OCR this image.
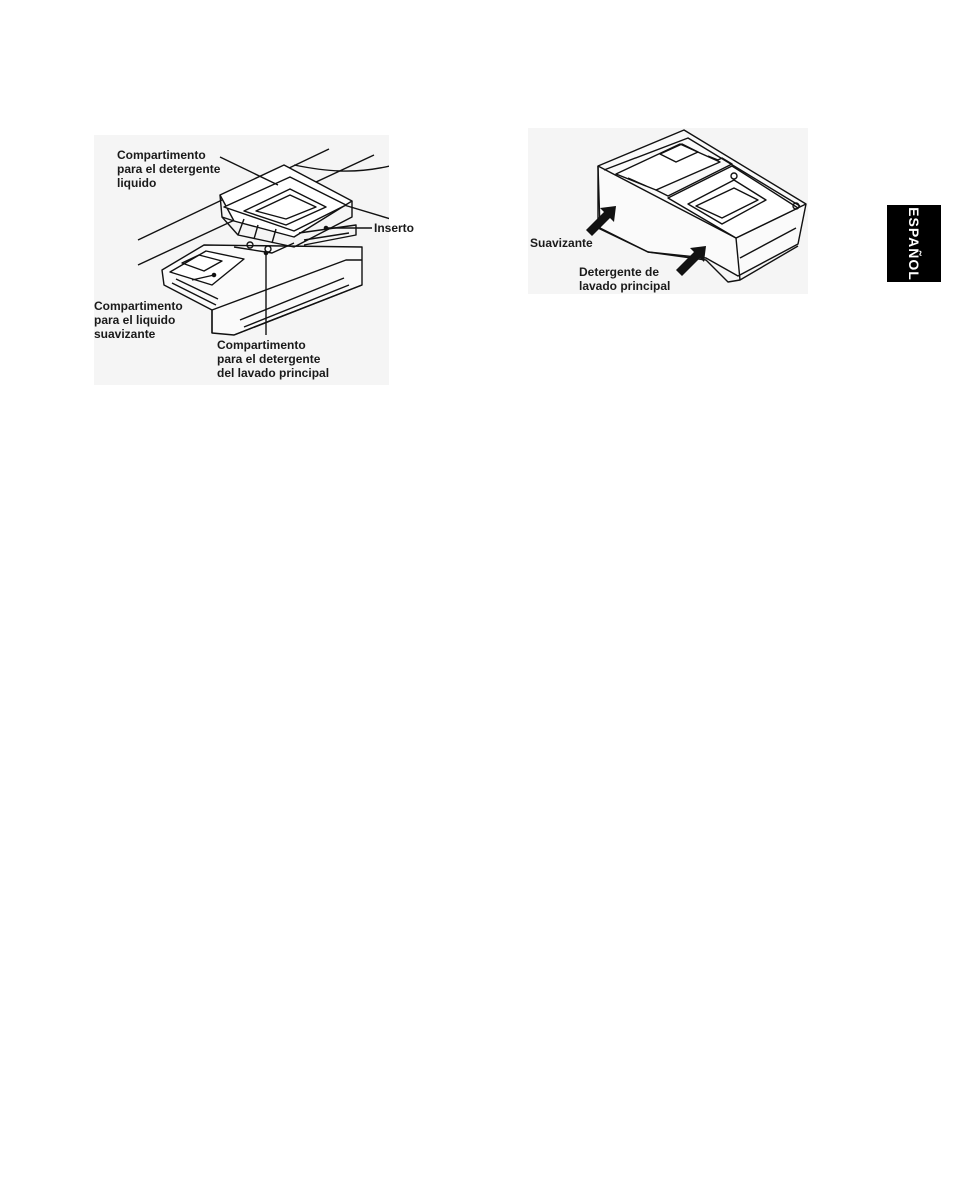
Compartimento
para el detergente
liquido
Inserto
Compartimento
para el liquido
suavizante
Compartimento
para el detergente
del lavado principal
Suavizante
Detergente de
lavado principal
ESPAÑOL
